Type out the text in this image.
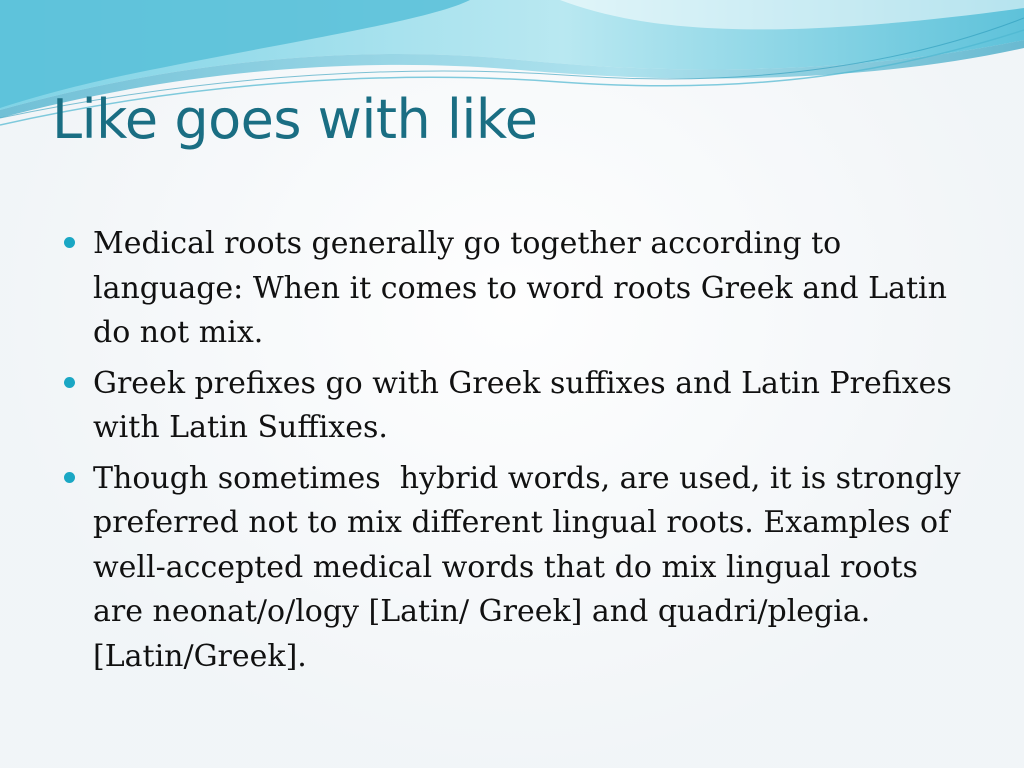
Like goes with like
Medical roots generally go together according to language: When it comes to word roots Greek and Latin do not mix.
Greek prefixes go with Greek suffixes and Latin Prefixes with Latin Suffixes.
Though sometimes  hybrid words, are used, it is strongly preferred not to mix different lingual roots. Examples of well-accepted medical words that do mix lingual roots are neonat/o/logy [Latin/ Greek] and quadri/plegia.[Latin/Greek].
